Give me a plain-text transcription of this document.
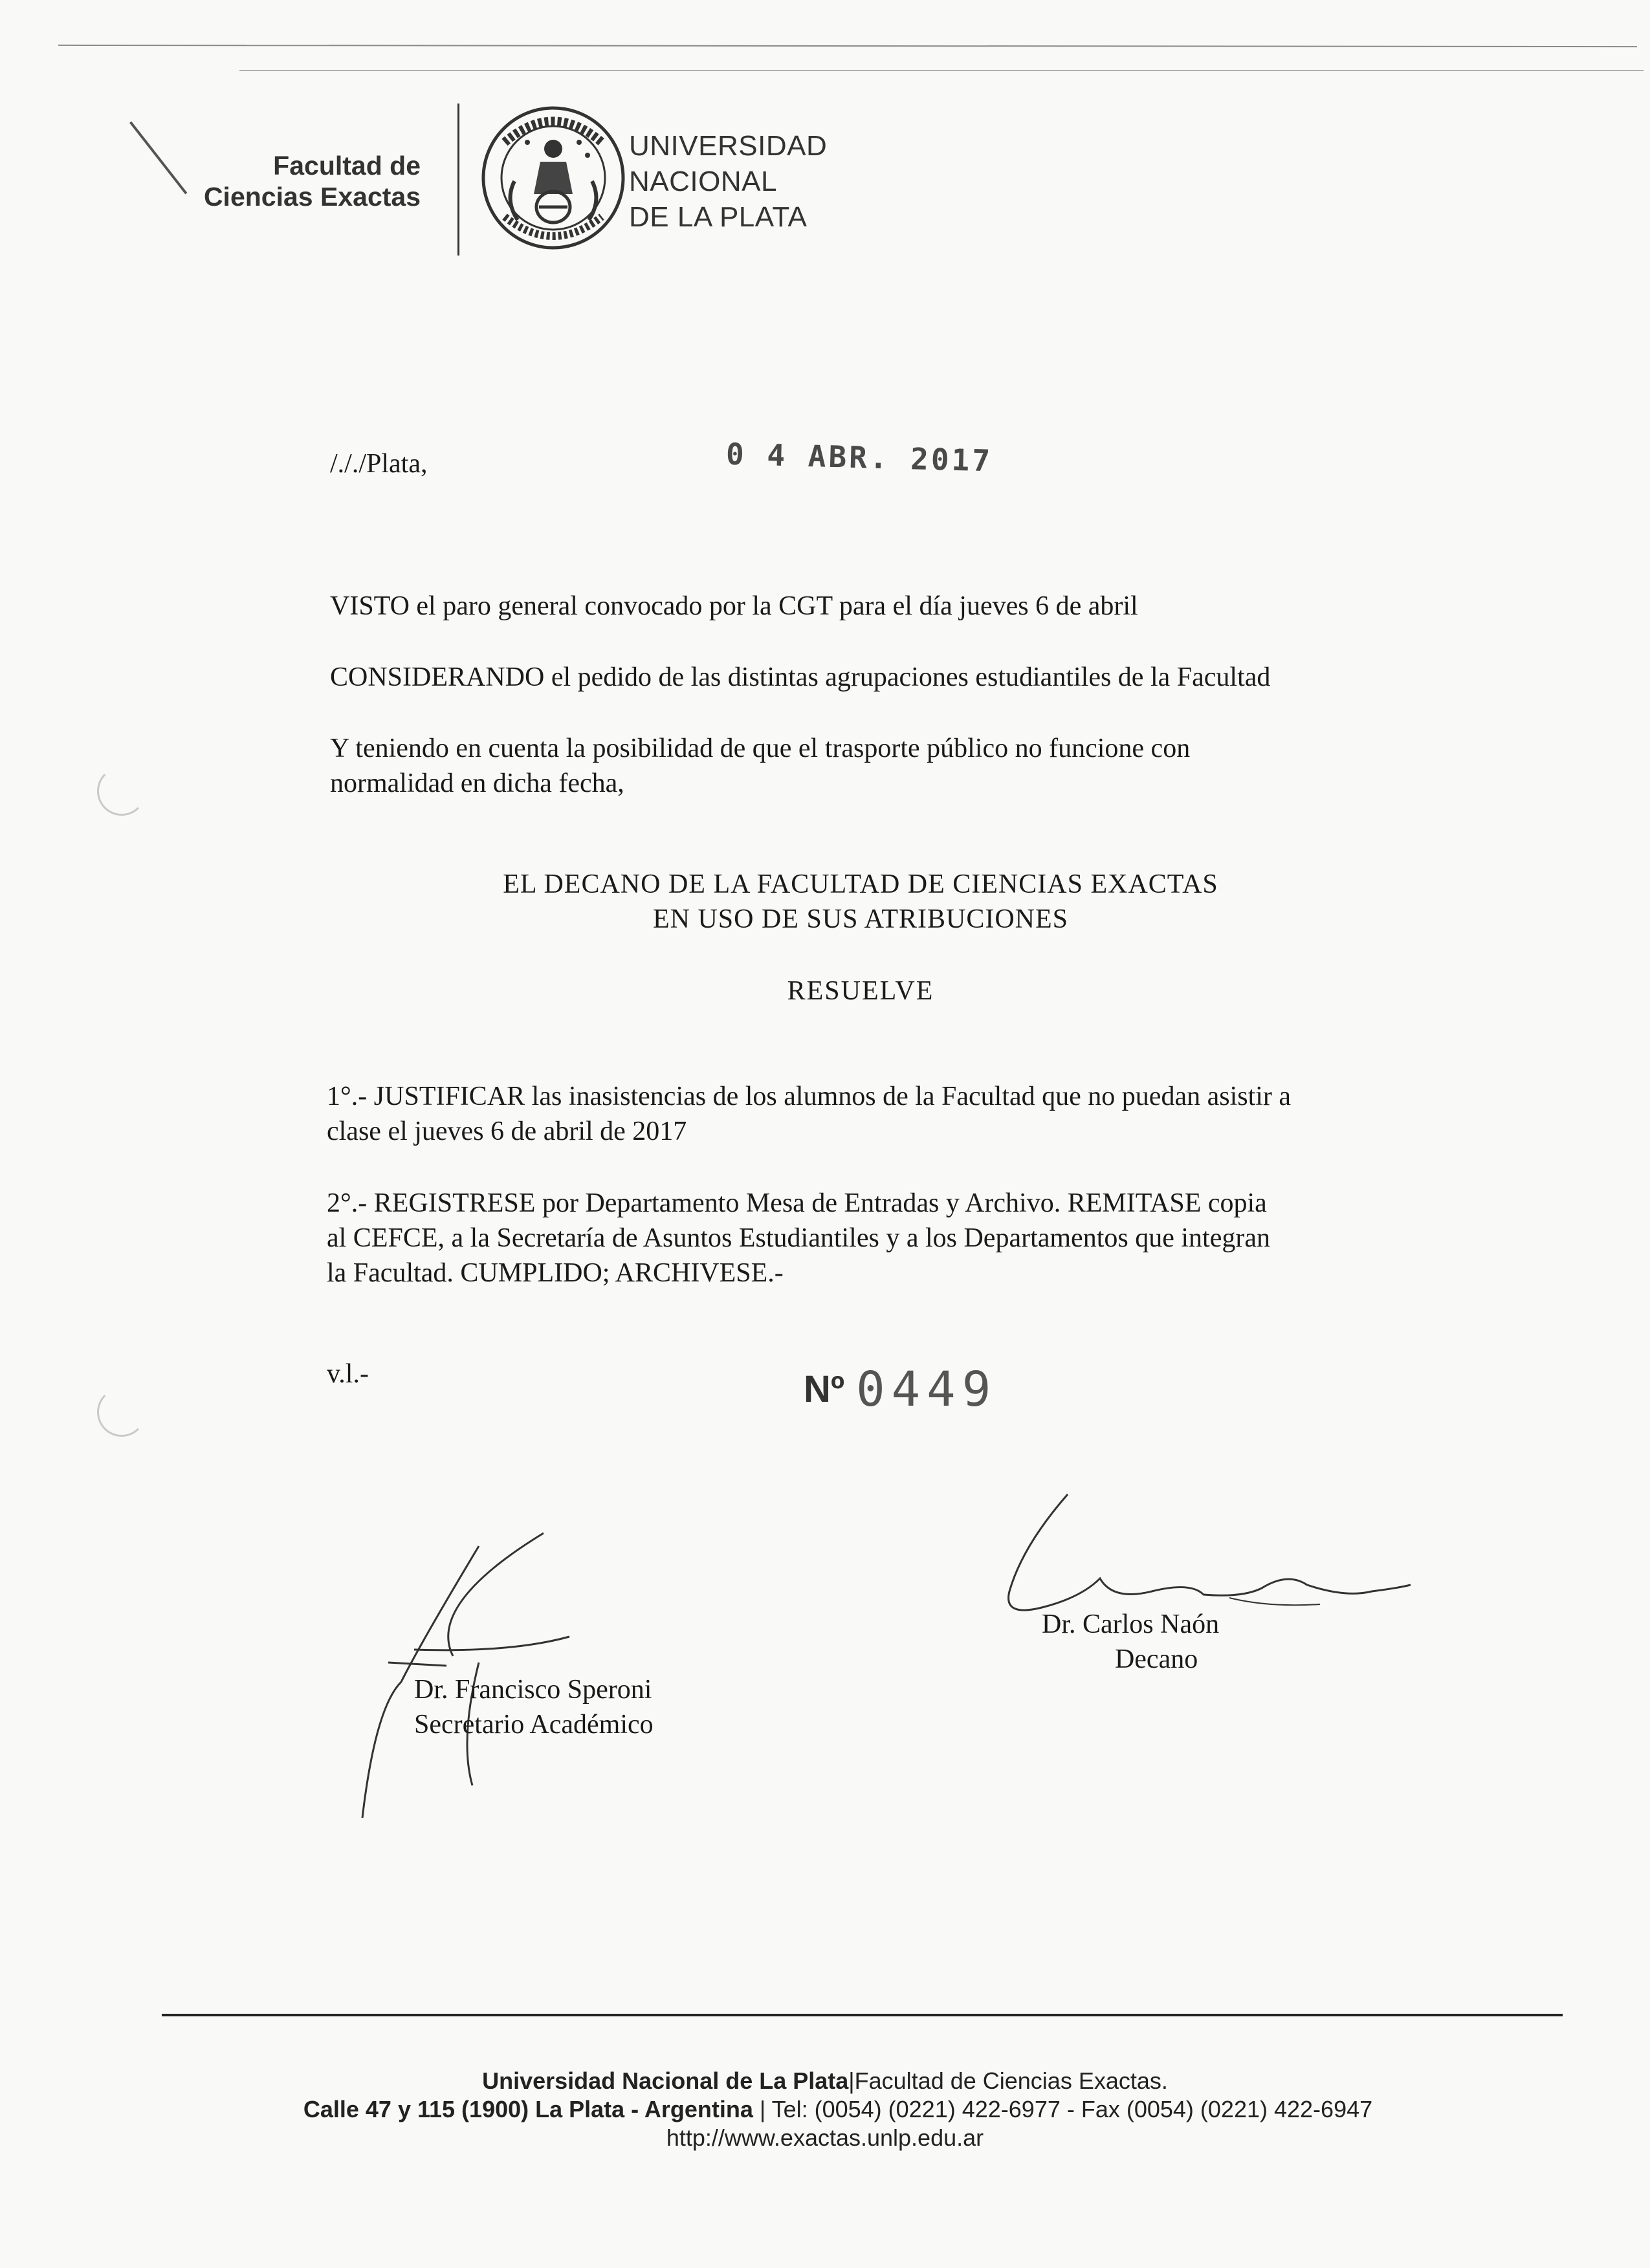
Facultad de
Ciencias Exactas
UNIVERSIDAD
NACIONAL
DE LA PLATA
/././Plata,	0 4 ABR. 2017
VISTO el paro general convocado por la CGT para el día jueves 6 de abril
CONSIDERANDO el pedido de las distintas agrupaciones estudiantiles de la Facultad
Y teniendo en cuenta la posibilidad de que el trasporte público no funcione con
normalidad en dicha fecha,
EL DECANO DE LA FACULTAD DE CIENCIAS EXACTAS
EN USO DE SUS ATRIBUCIONES
RESUELVE
1°.- JUSTIFICAR las inasistencias de los alumnos de la Facultad que no puedan asistir a
clase el jueves 6 de abril de 2017
2°.- REGISTRESE por Departamento Mesa de Entradas y Archivo. REMITASE copia
al CEFCE, a la Secretaría de Asuntos Estudiantiles y a los Departamentos que integran
la Facultad. CUMPLIDO; ARCHIVESE.-
v.l.-	Nº 0449
Dr. Francisco Speroni
Secretario Académico
Dr. Carlos Naón
Decano
Universidad Nacional de La Plata|Facultad de Ciencias Exactas.
Calle 47 y 115 (1900) La Plata - Argentina | Tel: (0054) (0221) 422-6977 - Fax (0054) (0221) 422-6947
http://www.exactas.unlp.edu.ar
